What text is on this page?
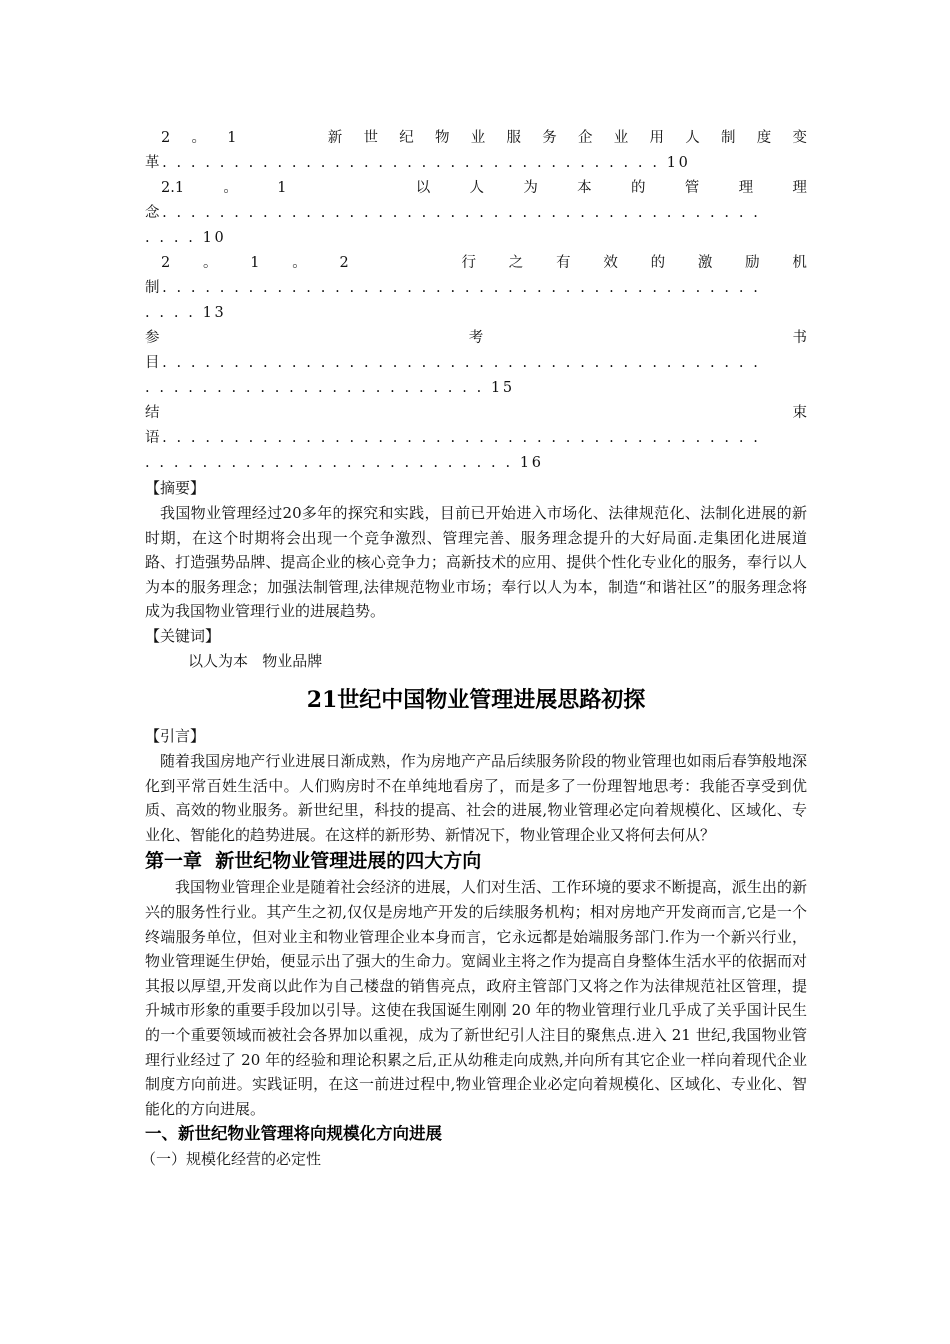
2 。 1	新 世 纪 物 业 服 务 企 业 用 人 制 度 变
革. . . . . . . . . . . . . . . . . . . . . . . . . . . . . . . . . . . 10
2.1	。	1	以	人	为	本	的	管	理	理
念. . . . . . . . . . . . . . . . . . . . . . . . . . . . . . . . . . . . . . . . . .
. . . . 10
2 。 1 。 2	行 之 有 效 的 激 励 机
制. . . . . . . . . . . . . . . . . . . . . . . . . . . . . . . . . . . . . . . . . .
. . . . 13
参	考	书
目. . . . . . . . . . . . . . . . . . . . . . . . . . . . . . . . . . . . . . . . . .
. . . . . . . . . . . . . . . . . . . . . . . . 15
结	束
语. . . . . . . . . . . . . . . . . . . . . . . . . . . . . . . . . . . . . . . . . .
. . . . . . . . . . . . . . . . . . . . . . . . . . 16
【摘要】

我国物业管理经过20多年的探究和实践，目前已开始进入市场化、法律规范化、法制化进展的新时期，在这个时期将会出现一个竞争激烈、管理完善、服务理念提升的大好局面.走集团化进展道路、打造强势品牌、提高企业的核心竞争力；高新技术的应用、提供个性化专业化的服务，奉行以人为本的服务理念；加强法制管理,法律规范物业市场；奉行以人为本，制造“和谐社区”的服务理念将成为我国物业管理行业的进展趋势。

【关键词】
以人为本   物业品牌
21世纪中国物业管理进展思路初探
【引言】

随着我国房地产行业进展日渐成熟，作为房地产产品后续服务阶段的物业管理也如雨后春笋般地深化到平常百姓生活中。人们购房时不在单纯地看房了，而是多了一份理智地思考：我能否享受到优质、高效的物业服务。新世纪里，科技的提高、社会的进展,物业管理必定向着规模化、区域化、专业化、智能化的趋势进展。在这样的新形势、新情况下，物业管理企业又将何去何从？

第一章  新世纪物业管理进展的四大方向

我国物业管理企业是随着社会经济的进展，人们对生活、工作环境的要求不断提高，派生出的新兴的服务性行业。其产生之初,仅仅是房地产开发的后续服务机构；相对房地产开发商而言,它是一个终端服务单位，但对业主和物业管理企业本身而言，它永远都是始端服务部门.作为一个新兴行业，物业管理诞生伊始，便显示出了强大的生命力。宽阔业主将之作为提高自身整体生活水平的依据而对其报以厚望,开发商以此作为自己楼盘的销售亮点，政府主管部门又将之作为法律规范社区管理，提升城市形象的重要手段加以引导。这使在我国诞生刚刚 20 年的物业管理行业几乎成了关乎国计民生的一个重要领域而被社会各界加以重视，成为了新世纪引人注目的聚焦点.进入 21 世纪,我国物业管理行业经过了 20 年的经验和理论积累之后,正从幼稚走向成熟,并向所有其它企业一样向着现代企业制度方向前进。实践证明，在这一前进过程中,物业管理企业必定向着规模化、区域化、专业化、智能化的方向进展。

一、新世纪物业管理将向规模化方向进展
（一）规模化经营的必定性
